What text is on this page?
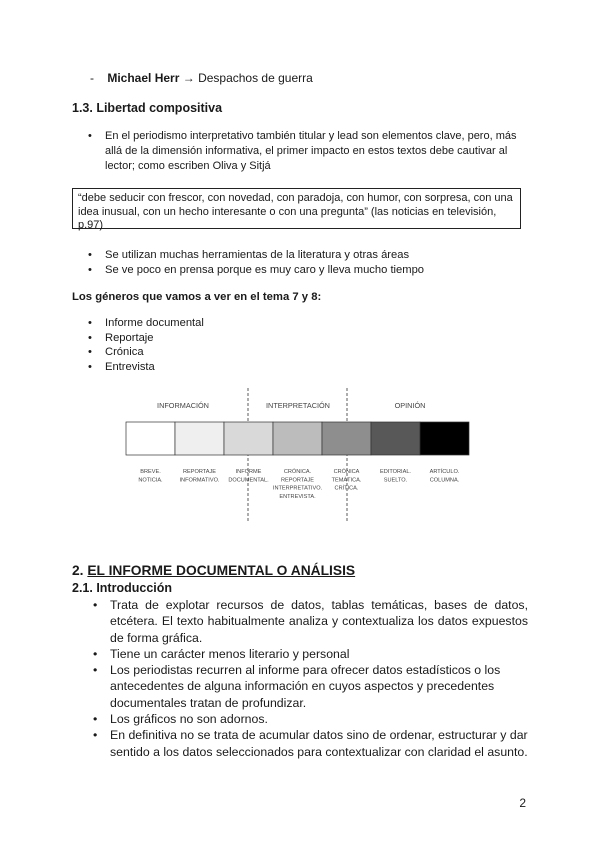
- Michael Herr → Despachos de guerra
1.3. Libertad compositiva
• En el periodismo interpretativo también titular y lead son elementos clave, pero, más allá de la dimensión informativa, el primer impacto en estos textos debe cautivar al lector; como escriben Oliva y Sitjá
“debe seducir con frescor, con novedad, con paradoja, con humor, con sorpresa, con una idea inusual, con un hecho interesante o con una pregunta” (las noticias en televisión, p.97)
• Se utilizan muchas herramientas de la literatura y otras áreas
• Se ve poco en prensa porque es muy caro y lleva mucho tiempo
Los géneros que vamos a ver en el tema 7 y 8:
• Informe documental
• Reportaje
• Crónica
• Entrevista
INFORMACIÓN	INTERPRETACIÓN	OPINIÓN
BREVE.
NOTICIA.
REPORTAJE
INFORMATIVO.
INFORME
DOCUMENTAL.
CRÓNICA.
REPORTAJE
INTERPRETATIVO.
ENTREVISTA.
CRÓNICA
TEMÁTICA.
CRÍTICA.
EDITORIAL.
SUELTO.
ARTÍCULO.
COLUMNA.
2. EL INFORME DOCUMENTAL O ANÁLISIS
2.1. Introducción
• Trata de explotar recursos de datos, tablas temáticas, bases de datos, etcétera. El texto habitualmente analiza y contextualiza los datos expuestos de forma gráfica.
• Tiene un carácter menos literario y personal
• Los periodistas recurren al informe para ofrecer datos estadísticos o los antecedentes de alguna información en cuyos aspectos y precedentes documentales tratan de profundizar.
• Los gráficos no son adornos.
• En definitiva no se trata de acumular datos sino de ordenar, estructurar y dar sentido a los datos seleccionados para contextualizar con claridad el asunto.
2
